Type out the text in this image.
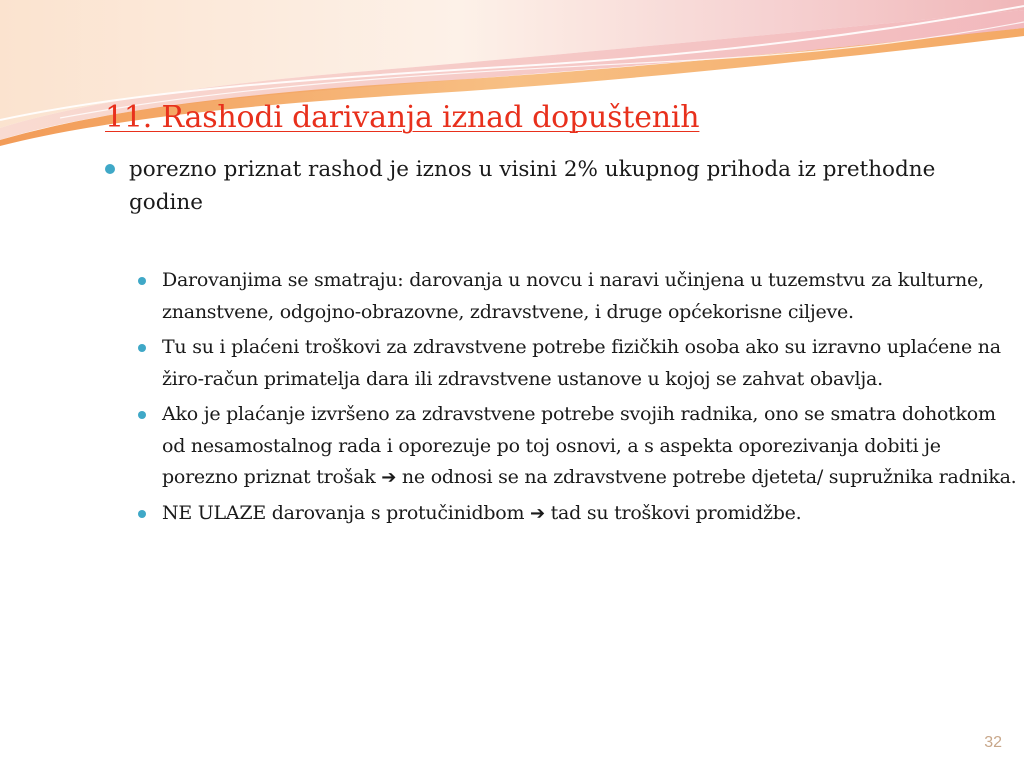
11. Rashodi darivanja iznad dopuštenih
porezno priznat rashod je iznos u visini 2% ukupnog prihoda iz prethodne godine
Darovanjima se smatraju: darovanja u novcu i naravi učinjena u tuzemstvu za kulturne, znanstvene, odgojno-obrazovne, zdravstvene, i druge općekorisne ciljeve.
Tu su i plaćeni troškovi za zdravstvene potrebe fizičkih osoba ako su izravno uplaćene na žiro-račun primatelja dara ili zdravstvene ustanove u kojoj se zahvat obavlja.
Ako je plaćanje izvršeno za zdravstvene potrebe svojih radnika, ono se smatra dohotkom od nesamostalnog rada i oporezuje po toj osnovi, a s aspekta oporezivanja dobiti je porezno priznat trošak ➔ ne odnosi se na zdravstvene potrebe djeteta/ supružnika radnika.
NE ULAZE darovanja s protučinidbom ➔ tad su troškovi promidžbe.
32
